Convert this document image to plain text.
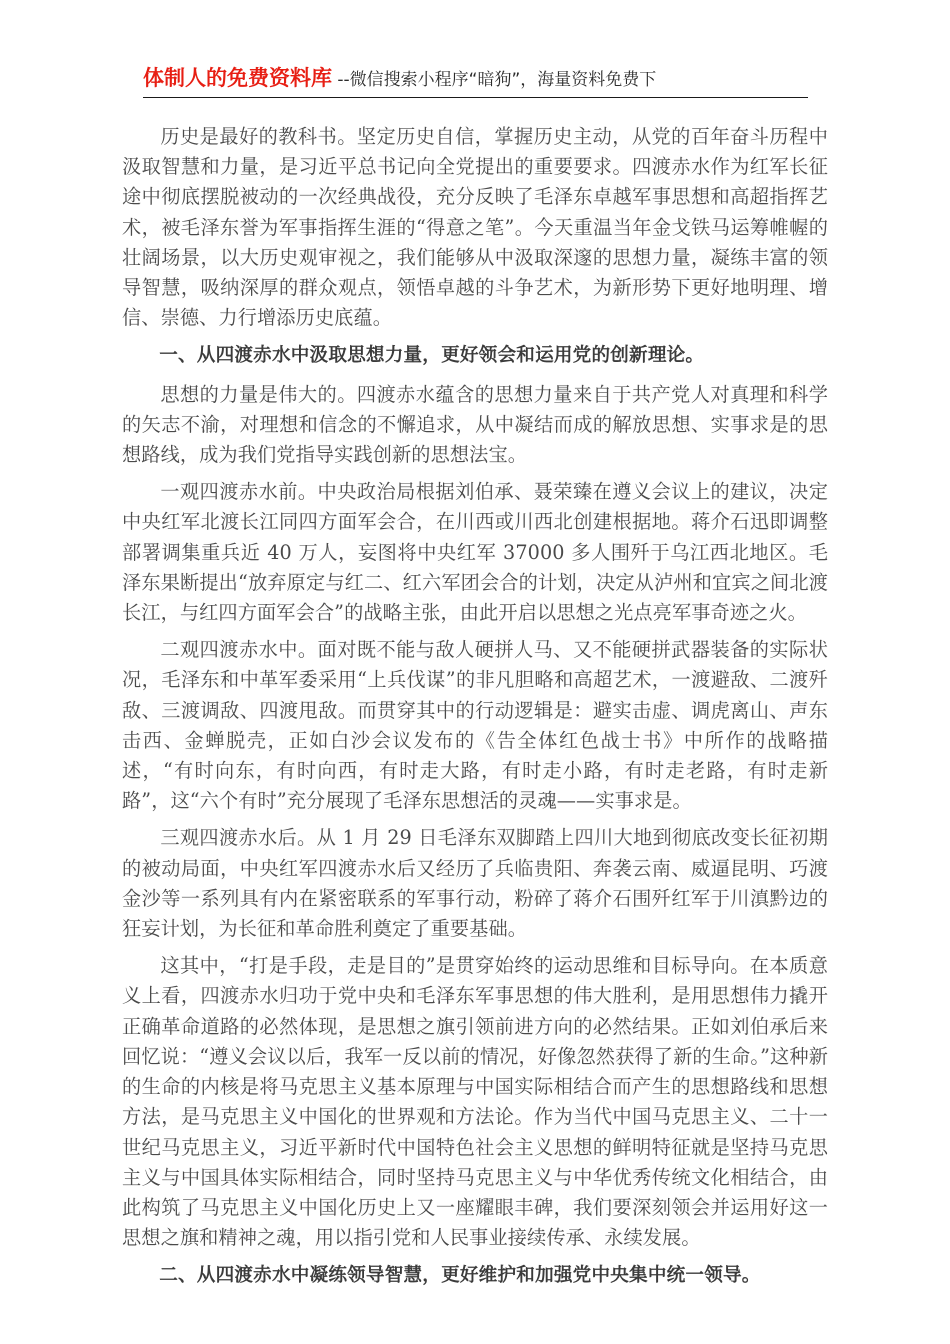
体制人的免费资料库 --微信搜索小程序“暗狗”，海量资料免费下

历史是最好的教科书。坚定历史自信，掌握历史主动，从党的百年奋斗历程中汲取智慧和力量，是习近平总书记向全党提出的重要要求。四渡赤水作为红军长征途中彻底摆脱被动的一次经典战役，充分反映了毛泽东卓越军事思想和高超指挥艺术，被毛泽东誉为军事指挥生涯的“得意之笔”。今天重温当年金戈铁马运筹帷幄的壮阔场景，以大历史观审视之，我们能够从中汲取深邃的思想力量，凝练丰富的领导智慧，吸纳深厚的群众观点，领悟卓越的斗争艺术，为新形势下更好地明理、增信、崇德、力行增添历史底蕴。

一、从四渡赤水中汲取思想力量，更好领会和运用党的创新理论。

思想的力量是伟大的。四渡赤水蕴含的思想力量来自于共产党人对真理和科学的矢志不渝，对理想和信念的不懈追求，从中凝结而成的解放思想、实事求是的思想路线，成为我们党指导实践创新的思想法宝。

一观四渡赤水前。中央政治局根据刘伯承、聂荣臻在遵义会议上的建议，决定中央红军北渡长江同四方面军会合，在川西或川西北创建根据地。蒋介石迅即调整部署调集重兵近 40 万人，妄图将中央红军 37000 多人围歼于乌江西北地区。毛泽东果断提出“放弃原定与红二、红六军团会合的计划，决定从泸州和宜宾之间北渡长江，与红四方面军会合”的战略主张，由此开启以思想之光点亮军事奇迹之火。

二观四渡赤水中。面对既不能与敌人硬拼人马、又不能硬拼武器装备的实际状况，毛泽东和中革军委采用“上兵伐谋”的非凡胆略和高超艺术，一渡避敌、二渡歼敌、三渡调敌、四渡甩敌。而贯穿其中的行动逻辑是：避实击虚、调虎离山、声东击西、金蝉脱壳，正如白沙会议发布的《告全体红色战士书》中所作的战略描述，“有时向东，有时向西，有时走大路，有时走小路，有时走老路，有时走新路”，这“六个有时”充分展现了毛泽东思想活的灵魂——实事求是。

三观四渡赤水后。从 1 月 29 日毛泽东双脚踏上四川大地到彻底改变长征初期的被动局面，中央红军四渡赤水后又经历了兵临贵阳、奔袭云南、威逼昆明、巧渡金沙等一系列具有内在紧密联系的军事行动，粉碎了蒋介石围歼红军于川滇黔边的狂妄计划，为长征和革命胜利奠定了重要基础。

这其中，“打是手段，走是目的”是贯穿始终的运动思维和目标导向。在本质意义上看，四渡赤水归功于党中央和毛泽东军事思想的伟大胜利，是用思想伟力撬开正确革命道路的必然体现，是思想之旗引领前进方向的必然结果。正如刘伯承后来回忆说：“遵义会议以后，我军一反以前的情况，好像忽然获得了新的生命。”这种新的生命的内核是将马克思主义基本原理与中国实际相结合而产生的思想路线和思想方法，是马克思主义中国化的世界观和方法论。作为当代中国马克思主义、二十一世纪马克思主义，习近平新时代中国特色社会主义思想的鲜明特征就是坚持马克思主义与中国具体实际相结合，同时坚持马克思主义与中华优秀传统文化相结合，由此构筑了马克思主义中国化历史上又一座耀眼丰碑，我们要深刻领会并运用好这一思想之旗和精神之魂，用以指引党和人民事业接续传承、永续发展。

二、从四渡赤水中凝练领导智慧，更好维护和加强党中央集中统一领导。
